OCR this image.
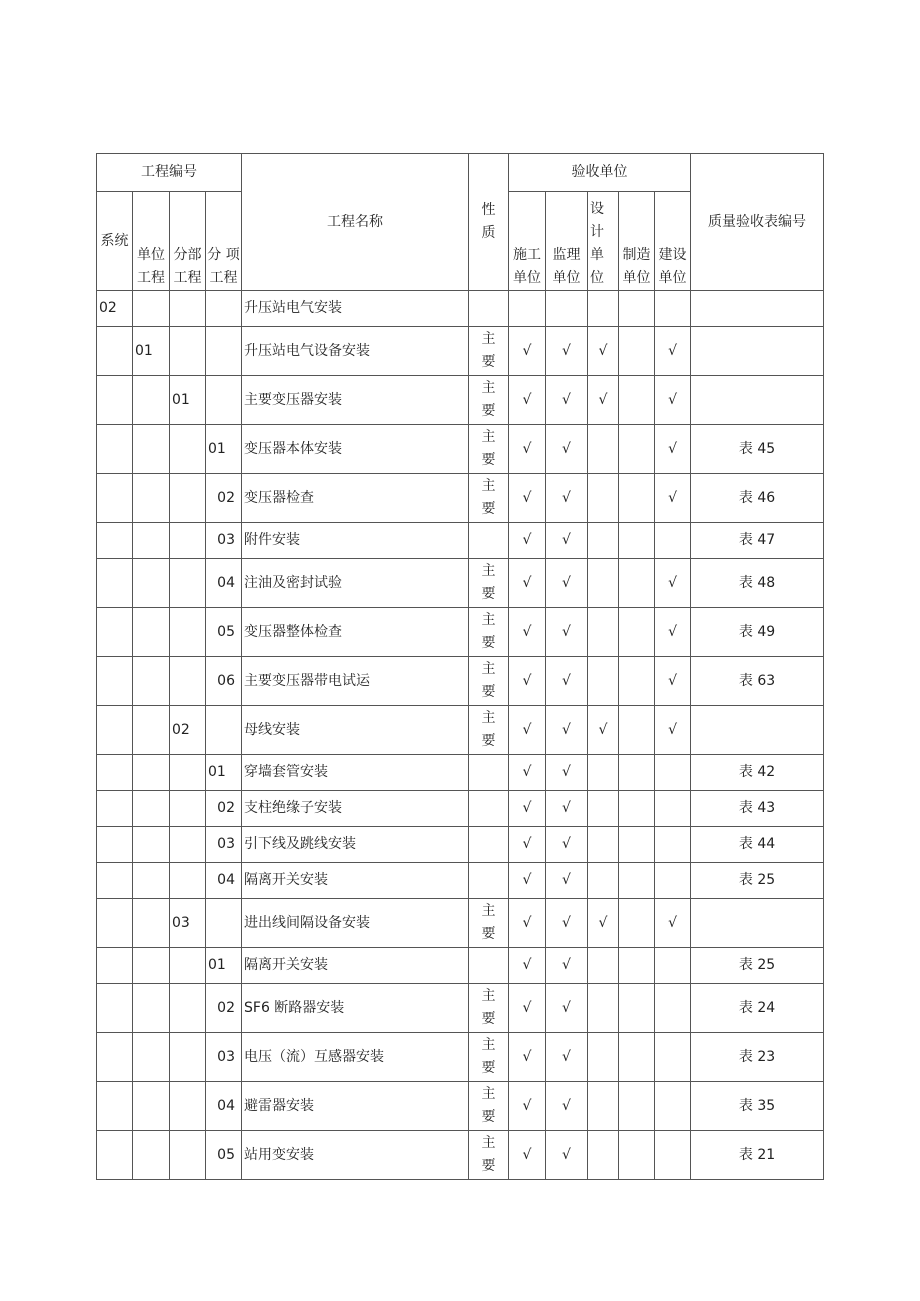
工程编号				工程名称	性质	验收单位					质量验收表编号
系统	单位工程	分部工程	分 项工程			施工单位	监理单位	设计单位	制造单位	建设单位	
02				升压站电气安装							
	01			升压站电气设备安装	主要	√	√	√		√	
		01		主要变压器安装	主要	√	√	√		√	
			01	变压器本体安装	主要	√	√			√	表 45
			02	变压器检查	主要	√	√			√	表 46
			03	附件安装		√	√				表 47
			04	注油及密封试验	主要	√	√			√	表 48
			05	变压器整体检查	主要	√	√			√	表 49
			06	主要变压器带电试运	主要	√	√			√	表 63
		02		母线安装	主要	√	√	√		√	
			01	穿墙套管安装		√	√				表 42
			02	支柱绝缘子安装		√	√				表 43
			03	引下线及跳线安装		√	√				表 44
			04	隔离开关安装		√	√				表 25
		03		进出线间隔设备安装	主要	√	√	√		√	
			01	隔离开关安装		√	√				表 25
			02	SF6 断路器安装	主要	√	√				表 24
			03	电压（流）互感器安装	主要	√	√				表 23
			04	避雷器安装	主要	√	√				表 35
			05	站用变安装	主要	√	√				表 21
